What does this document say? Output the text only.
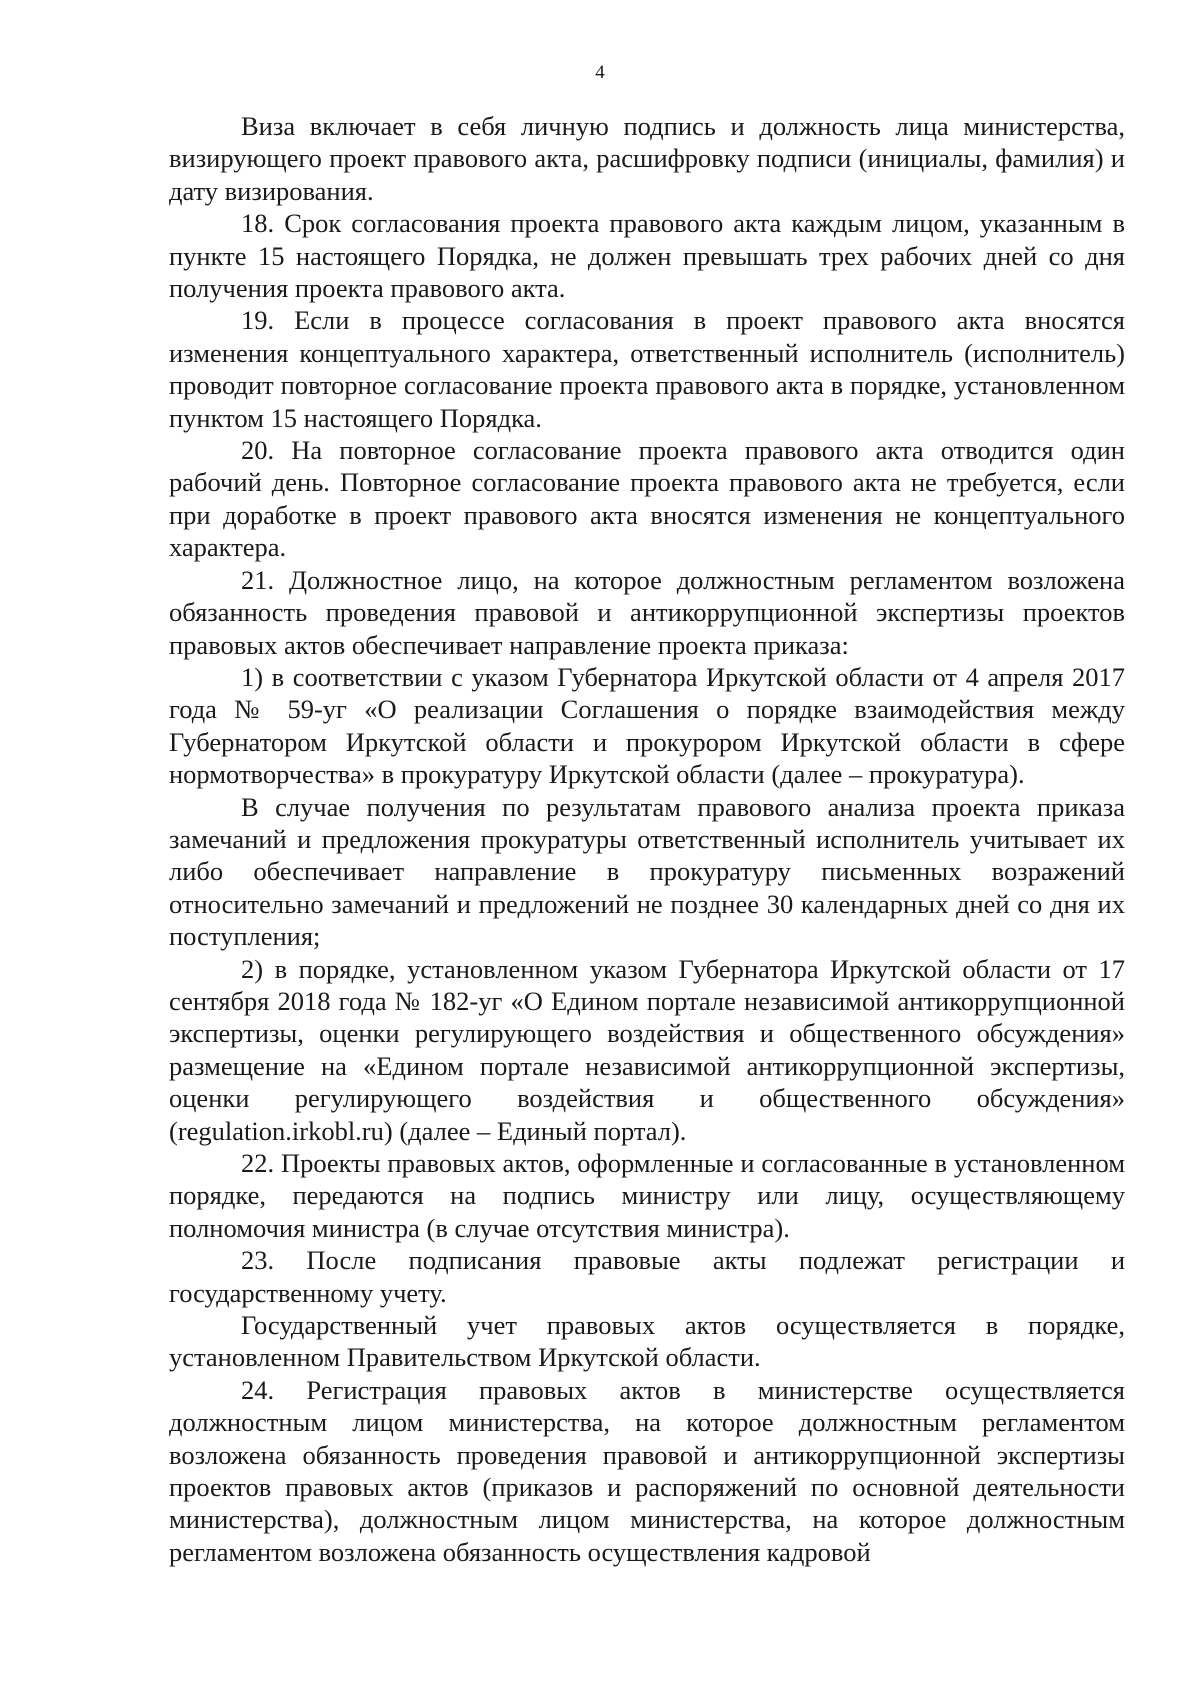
4

Виза включает в себя личную подпись и должность лица министерства, визирующего проект правового акта, расшифровку подписи (инициалы, фамилия) и дату визирования.

18. Срок согласования проекта правового акта каждым лицом, указанным в пункте 15 настоящего Порядка, не должен превышать трех рабочих дней со дня получения проекта правового акта.

19. Если в процессе согласования в проект правового акта вносятся изменения концептуального характера, ответственный исполнитель (исполнитель) проводит повторное согласование проекта правового акта в порядке, установленном пунктом 15 настоящего Порядка.

20. На повторное согласование проекта правового акта отводится один рабочий день. Повторное согласование проекта правового акта не требуется, если при доработке в проект правового акта вносятся изменения не концептуального характера.

21. Должностное лицо, на которое должностным регламентом возложена обязанность проведения правовой и антикоррупционной экспертизы проектов правовых актов обеспечивает направление проекта приказа:

1) в соответствии с указом Губернатора Иркутской области от 4 апреля 2017 года № 59-уг «О реализации Соглашения о порядке взаимодействия между Губернатором Иркутской области и прокурором Иркутской области в сфере нормотворчества» в прокуратуру Иркутской области (далее – прокуратура).

В случае получения по результатам правового анализа проекта приказа замечаний и предложения прокуратуры ответственный исполнитель учитывает их либо обеспечивает направление в прокуратуру письменных возражений относительно замечаний и предложений не позднее 30 календарных дней со дня их поступления;

2) в порядке, установленном указом Губернатора Иркутской области от 17 сентября 2018 года № 182-уг «О Едином портале независимой антикоррупционной экспертизы, оценки регулирующего воздействия и общественного обсуждения» размещение на «Едином портале независимой антикоррупционной экспертизы, оценки регулирующего воздействия и общественного обсуждения» (regulation.irkobl.ru) (далее – Единый портал).

22. Проекты правовых актов, оформленные и согласованные в установленном порядке, передаются на подпись министру или лицу, осуществляющему полномочия министра (в случае отсутствия министра).

23. После подписания правовые акты подлежат регистрации и государственному учету.

Государственный учет правовых актов осуществляется в порядке, установленном Правительством Иркутской области.

24. Регистрация правовых актов в министерстве осуществляется должностным лицом министерства, на которое должностным регламентом возложена обязанность проведения правовой и антикоррупционной экспертизы проектов правовых актов (приказов и распоряжений по основной деятельности министерства), должностным лицом министерства, на которое должностным регламентом возложена обязанность осуществления кадровой
